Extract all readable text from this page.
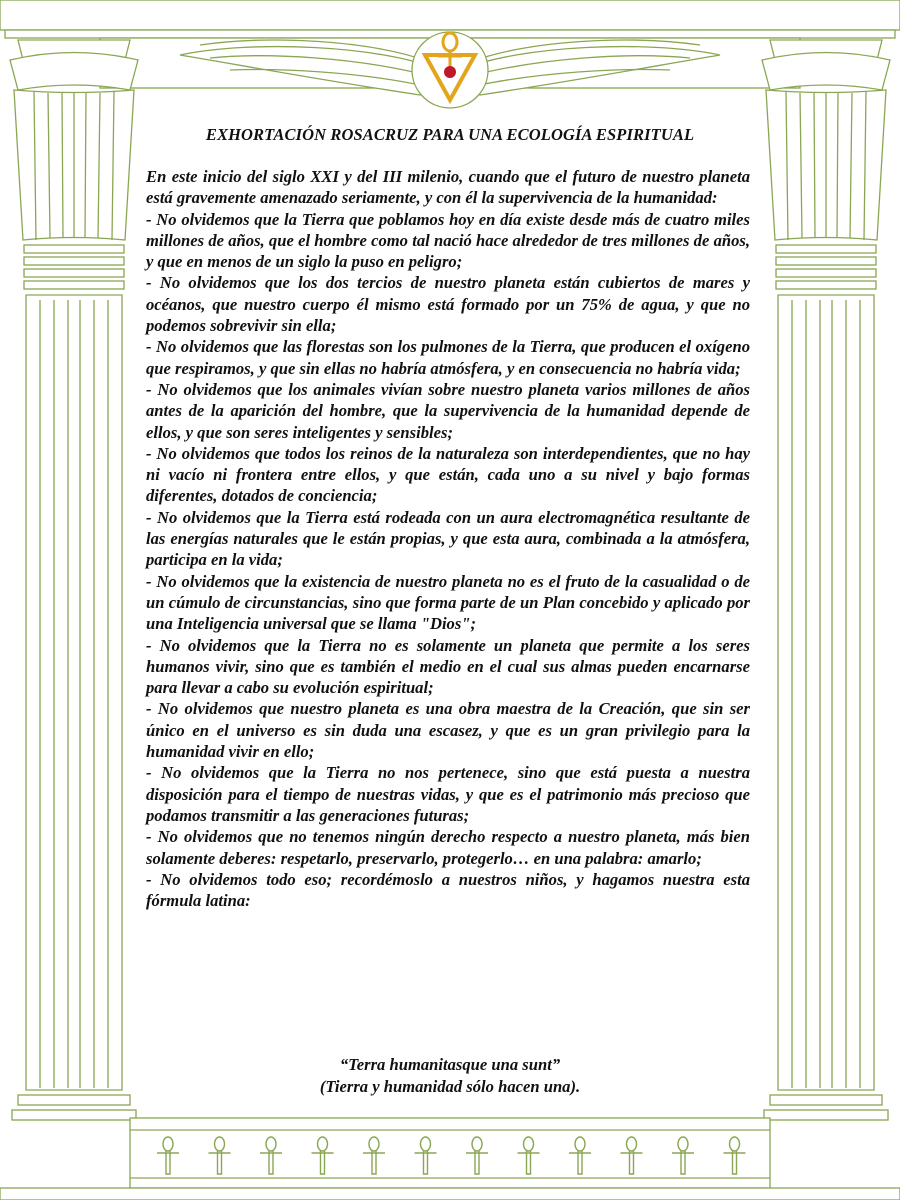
EXHORTACIÓN ROSACRUZ PARA UNA ECOLOGÍA ESPIRITUAL

En este inicio del siglo XXI y del III milenio, cuando que el futuro de nuestro planeta está gravemente amenazado seriamente, y con él la supervivencia de la humanidad:

- No olvidemos que la Tierra que poblamos hoy en día existe desde más de cuatro miles millones de años, que el hombre como tal nació hace alrededor de tres millones de años, y que en menos de un siglo la puso en peligro;

- No olvidemos que los dos tercios de nuestro planeta están cubiertos de mares y océanos, que nuestro cuerpo él mismo está formado por un 75% de agua, y que no podemos sobrevivir sin ella;

- No olvidemos que las florestas son los pulmones de la Tierra, que producen el oxígeno que respiramos, y que sin ellas no habría atmósfera, y en consecuencia no habría vida;

- No olvidemos que los animales vivían sobre nuestro planeta varios millones de años antes de la aparición del hombre, que la supervivencia de la humanidad depende de ellos, y que son seres inteligentes y sensibles;

- No olvidemos que todos los reinos de la naturaleza son interdependientes, que no hay ni vacío ni frontera entre ellos, y que están, cada uno a su nivel y bajo formas diferentes, dotados de conciencia;

- No olvidemos que la Tierra está rodeada con un aura electromagnética resultante de las energías naturales que le están propias, y que esta aura, combinada a la atmósfera, participa en la vida;

- No olvidemos que la existencia de nuestro planeta no es el fruto de la casualidad o de un cúmulo de circunstancias, sino que forma parte de un Plan concebido y aplicado por una Inteligencia universal que se llama "Dios";

- No olvidemos que la Tierra no es solamente un planeta que permite a los seres humanos vivir, sino que es también el medio en el cual sus almas pueden encarnarse para llevar a cabo su evolución espiritual;

- No olvidemos que nuestro planeta es una obra maestra de la Creación, que sin ser único en el universo es sin duda una escasez, y que es un gran privilegio para la humanidad vivir en ello;

- No olvidemos que la Tierra no nos pertenece, sino que está puesta a nuestra disposición para el tiempo de nuestras vidas, y que es el patrimonio más precioso que podamos transmitir a las generaciones futuras;

- No olvidemos que no tenemos ningún derecho respecto a nuestro planeta, más bien solamente deberes: respetarlo, preservarlo, protegerlo… en una palabra: amarlo;

- No olvidemos todo eso; recordémoslo a nuestros niños, y hagamos nuestra esta fórmula latina:

“Terra humanitasque una sunt”
(Tierra y humanidad sólo hacen una).
